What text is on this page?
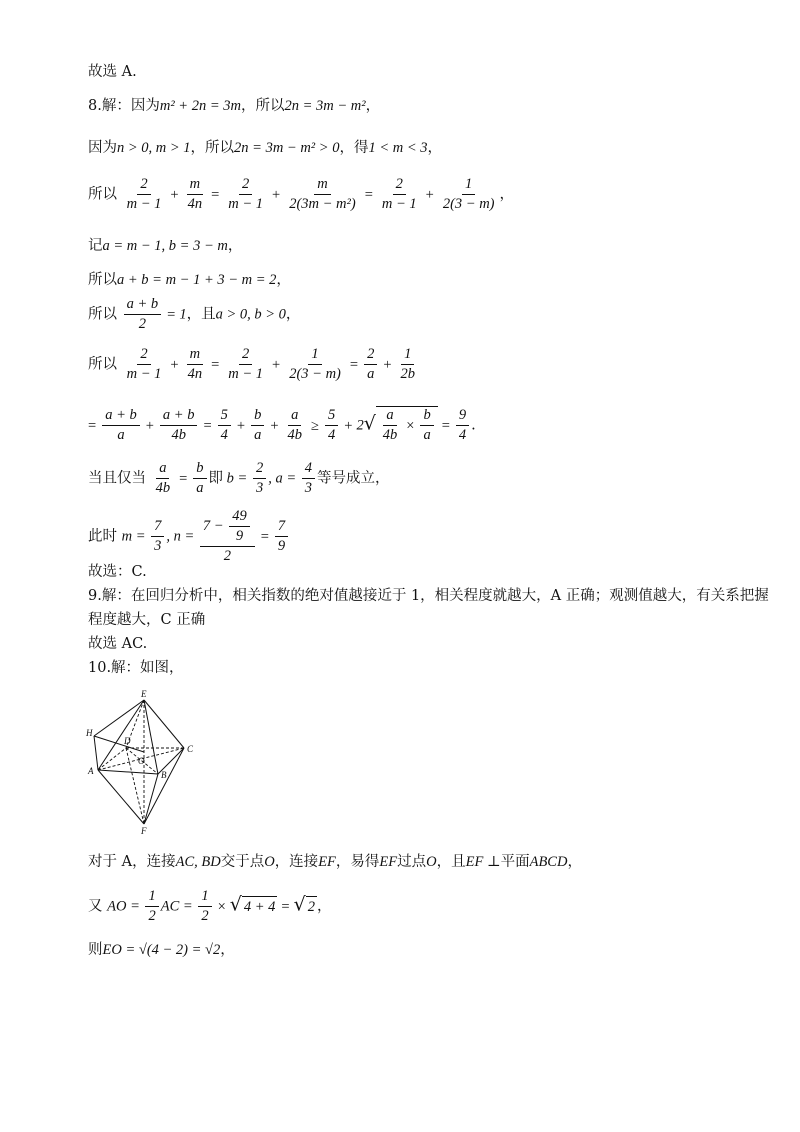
故选 A.
8.解：因为m² + 2n = 3m，所以2n = 3m − m²，
因为n > 0, m > 1，所以2n = 3m − m² > 0，得1 < m < 3，
所以 $\frac{2}{m - 1} + \frac{m}{4n} = \frac{2}{m - 1} + \frac{m}{\text{2(3m − m²)}} = \frac{2}{m - 1} + \frac{1}{2(3 - m)}$ ，
记a = m − 1, b = 3 − m，
所以a + b = m − 1 + 3 − m = 2，
所以 $\frac{a + b}{2} = 1$，且a > 0, b > 0，
所以 $\frac{2}{m - 1} + \frac{m}{4n} = \frac{2}{m - 1} + \frac{1}{2(3 - m)} = \frac{2}{a} + \frac{1}{2b}$
= $\frac{a + b}{a} + \frac{a + b}{4b} = \frac{5}{4} + \frac{b}{a} + \frac{a}{4b} \ge \frac{5}{4} + 2√ \frac{a}{4b} \times \frac{b}{a} = \frac{9}{4}$ .
当且仅当 $\frac{a}{4b} = \frac{b}{a}$ 即 $b = \frac{2}{3}$ , $a = \frac{4}{3}$ 等号成立，
此时 $m = \frac{7}{3}$ , $n = \frac{7 - \frac{49}{9}}{2} = \frac{7}{9}$
故选：C.
9.解：在回归分析中，相关指数的绝对值越接近于 1，相关程度就越大，A 正确；观测值越大，有关系把握
程度越大，C 正确
故选 AC.
10.解：如图，
E
H
D
C
A
O
B
F
对于 A，连接AC, BD交于点O，连接EF，易得EF过点O，且EF ⊥平面ABCD，
又 AO = $\frac{1}{2}$ AC = $\frac{1}{2}$ × √ 4 + 4 = √ 2 ，
则EO = √(4 − 2) = √2，
